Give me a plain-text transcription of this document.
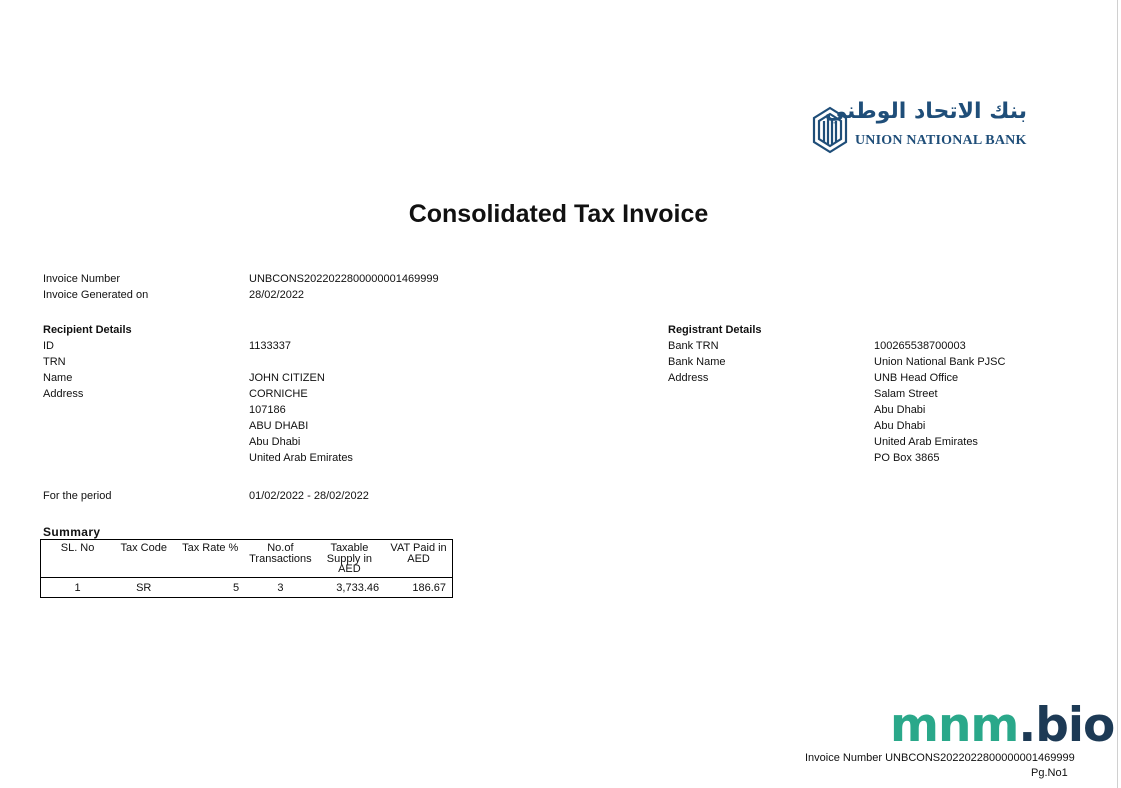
بنك الاتحاد الوطني
UNION NATIONAL BANK
Consolidated Tax Invoice
Invoice Number	UNBCONS2022022800000001469999
Invoice Generated on	28/02/2022
Recipient Details
ID	1133337
TRN
Name	JOHN CITIZEN
Address	CORNICHE
107186
ABU DHABI
Abu Dhabi
United Arab Emirates
Registrant Details
Bank TRN	100265538700003
Bank Name	Union National Bank PJSC
Address	UNB Head Office
Salam Street
Abu Dhabi
Abu Dhabi
United Arab Emirates
PO Box 3865
For the period	01/02/2022 - 28/02/2022
Summary
SL. No	Tax Code	Tax Rate %	No.of Transactions	Taxable Supply in AED	VAT Paid in AED
1	SR	5	3	3,733.46	186.67
mnm.bio
Invoice Number UNBCONS2022022800000001469999
Pg.No1
